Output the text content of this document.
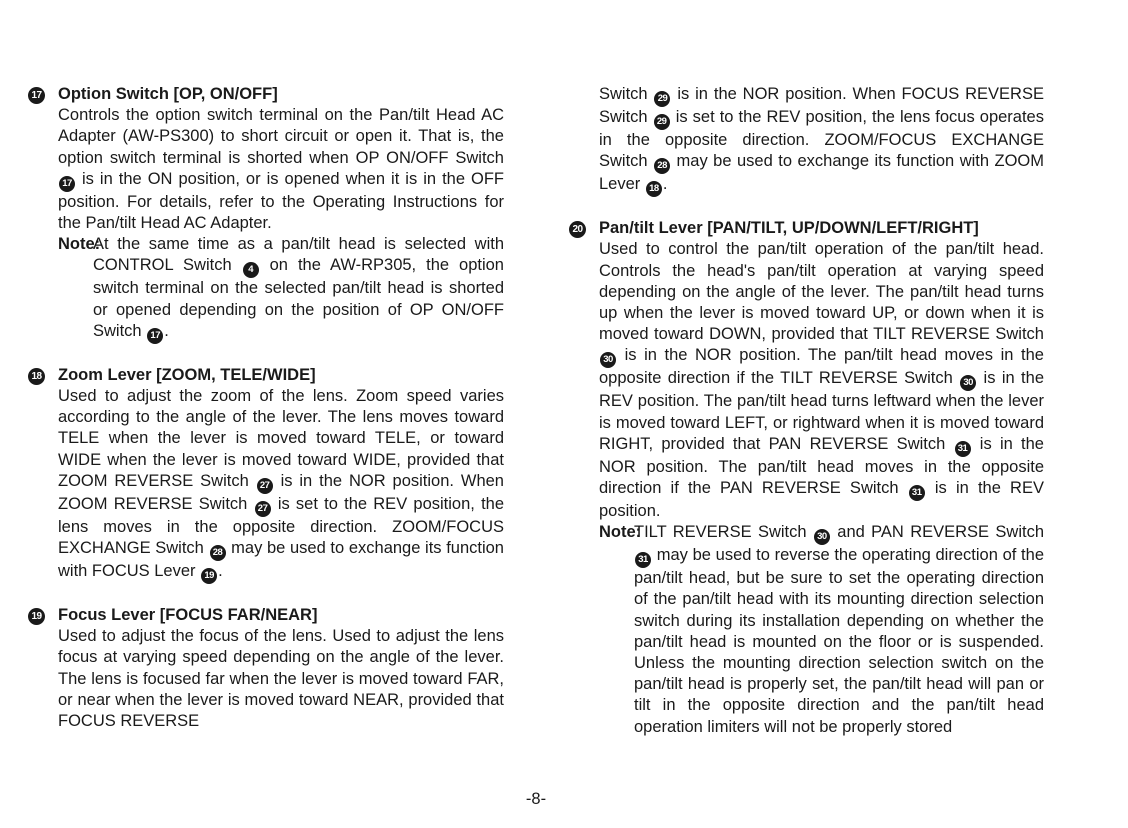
17 Option Switch [OP, ON/OFF]
Controls the option switch terminal on the Pan/tilt Head AC Adapter (AW-PS300) to short circuit or open it. That is, the option switch terminal is shorted when OP ON/OFF Switch 17 is in the ON position, or is opened when it is in the OFF position. For details, refer to the Operating Instructions for the Pan/tilt Head AC Adapter.
Note:
At the same time as a pan/tilt head is selected with CONTROL Switch 4 on the AW-RP305, the option switch terminal on the selected pan/tilt head is shorted or opened depending on the position of OP ON/OFF Switch 17 .
18 Zoom Lever [ZOOM, TELE/WIDE]
Used to adjust the zoom of the lens. Zoom speed varies according to the angle of the lever. The lens moves toward TELE when the lever is moved toward TELE, or toward WIDE when the lever is moved toward WIDE, provided that ZOOM REVERSE Switch 27 is in the NOR position. When ZOOM REVERSE Switch 27 is set to the REV position, the lens moves in the opposite direction. ZOOM/FOCUS EXCHANGE Switch 28 may be used to exchange its function with FOCUS Lever 19 .
19 Focus Lever [FOCUS FAR/NEAR]
Used to adjust the focus of the lens. Used to adjust the lens focus at varying speed depending on the angle of the lever. The lens is focused far when the lever is moved toward FAR, or near when the lever is moved toward NEAR, provided that FOCUS REVERSE
Switch 29 is in the NOR position. When FOCUS REVERSE Switch 29 is set to the REV position, the lens focus operates in the opposite direction. ZOOM/FOCUS EXCHANGE Switch 28 may be used to exchange its function with ZOOM Lever 18 .
20 Pan/tilt Lever [PAN/TILT, UP/DOWN/LEFT/RIGHT]
Used to control the pan/tilt operation of the pan/tilt head. Controls the head's pan/tilt operation at varying speed depending on the angle of the lever. The pan/tilt head turns up when the lever is moved toward UP, or down when it is moved toward DOWN, provided that TILT REVERSE Switch 30 is in the NOR position. The pan/tilt head moves in the opposite direction if the TILT REVERSE Switch 30 is in the REV position. The pan/tilt head turns leftward when the lever is moved toward LEFT, or rightward when it is moved toward RIGHT, provided that PAN REVERSE Switch 31 is in the NOR position. The pan/tilt head moves in the opposite direction if the PAN REVERSE Switch 31 is in the REV position.
Note:
TILT REVERSE Switch 30 and PAN REVERSE Switch 31 may be used to reverse the operating direction of the pan/tilt head, but be sure to set the operating direction of the pan/tilt head with its mounting direction selection switch during its installation depending on whether the pan/tilt head is mounted on the floor or is suspended. Unless the mounting direction selection switch on the pan/tilt head is properly set, the pan/tilt head will pan or tilt in the opposite direction and the pan/tilt head operation limiters will not be properly stored
-8-
